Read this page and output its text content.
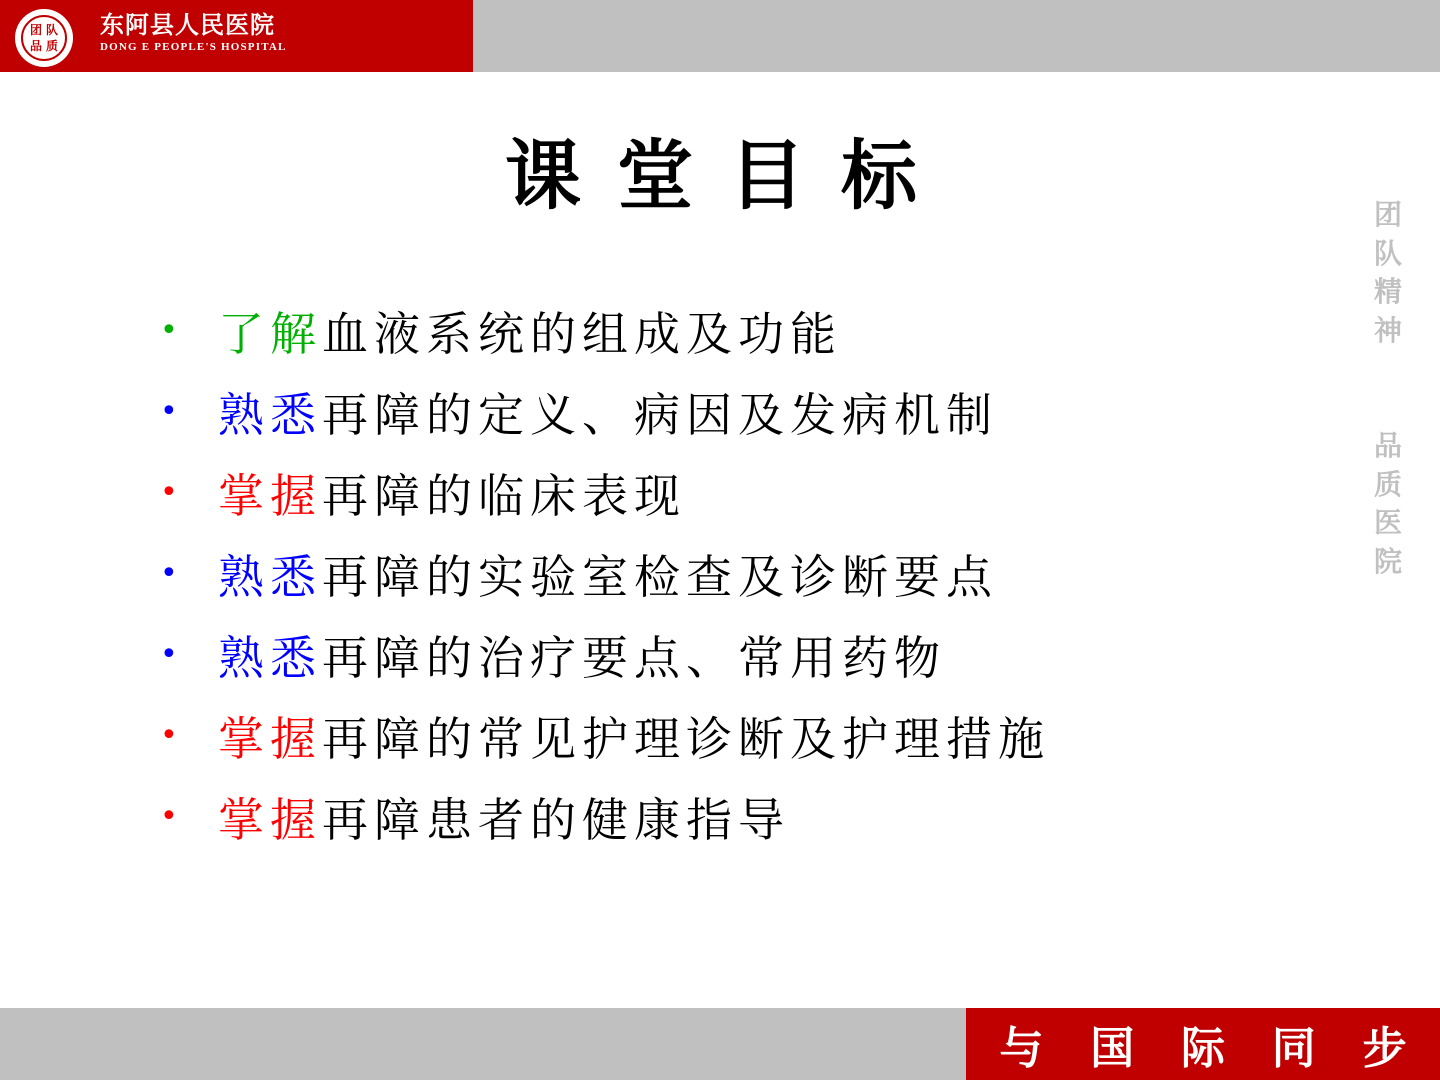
团 队
品 质
东阿县人民医院
DONG E PEOPLE'S HOSPITAL
课堂目标
• 了解 血液系统的组成及功能
• 熟悉 再障的定义、病因及发病机制
• 掌握 再障的临床表现
• 熟悉 再障的实验室检查及诊断要点
• 熟悉 再障的治疗要点、常用药物
• 掌握 再障的常见护理诊断及护理措施
• 掌握 再障患者的健康指导
团
队
精
神
品
质
医
院
与 国 际 同 步
